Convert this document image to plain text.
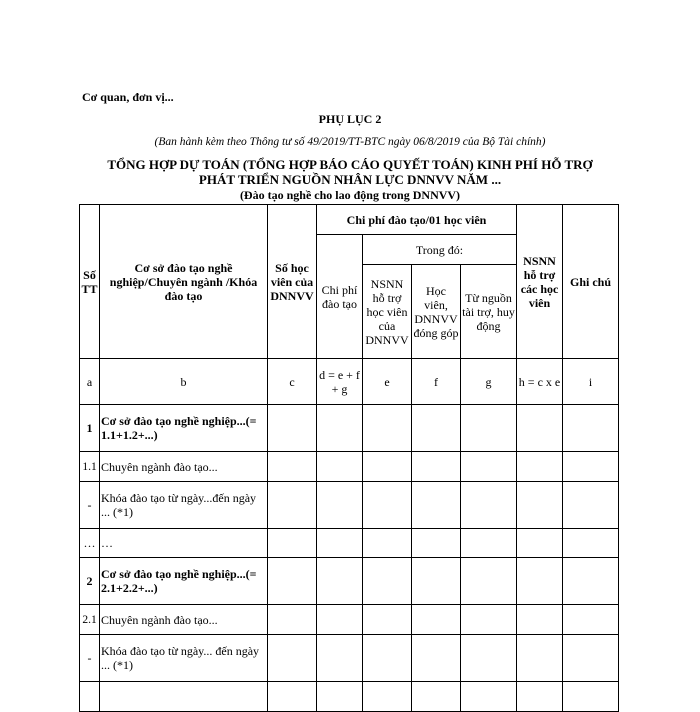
Cơ quan, đơn vị...
PHỤ LỤC 2
(Ban hành kèm theo Thông tư số 49/2019/TT-BTC ngày 06/8/2019 của Bộ Tài chính)
TỔNG HỢP DỰ TOÁN (TỔNG HỢP BÁO CÁO QUYẾT TOÁN) KINH PHÍ HỖ TRỢ
PHÁT TRIỂN NGUỒN NHÂN LỰC DNNVV NĂM ...
(Đào tạo nghề cho lao động trong DNNVV)
Số TT	Cơ sở đào tạo nghề nghiệp/Chuyên ngành /Khóa đào tạo	Số học viên của DNNVV	Chi phí đào tạo/01 học viên				NSNN hỗ trợ các học viên	Ghi chú
			Chi phí đào tạo	Trong đó:				
				NSNN hỗ trợ học viên của DNNVV	Học viên, DNNVV đóng góp	Từ nguồn tài trợ, huy động		
a	b	c	d = e + f + g	e	f	g	h = c x e	i
1	Cơ sở đào tạo nghề nghiệp...(= 1.1+1.2+...)							
1.1	Chuyên ngành đào tạo...							
-	Khóa đào tạo từ ngày...đến ngày ... (*1)							
…	…							
2	Cơ sở đào tạo nghề nghiệp...(= 2.1+2.2+...)							
2.1	Chuyên ngành đào tạo...							
-	Khóa đào tạo từ ngày... đến ngày ... (*1)							
